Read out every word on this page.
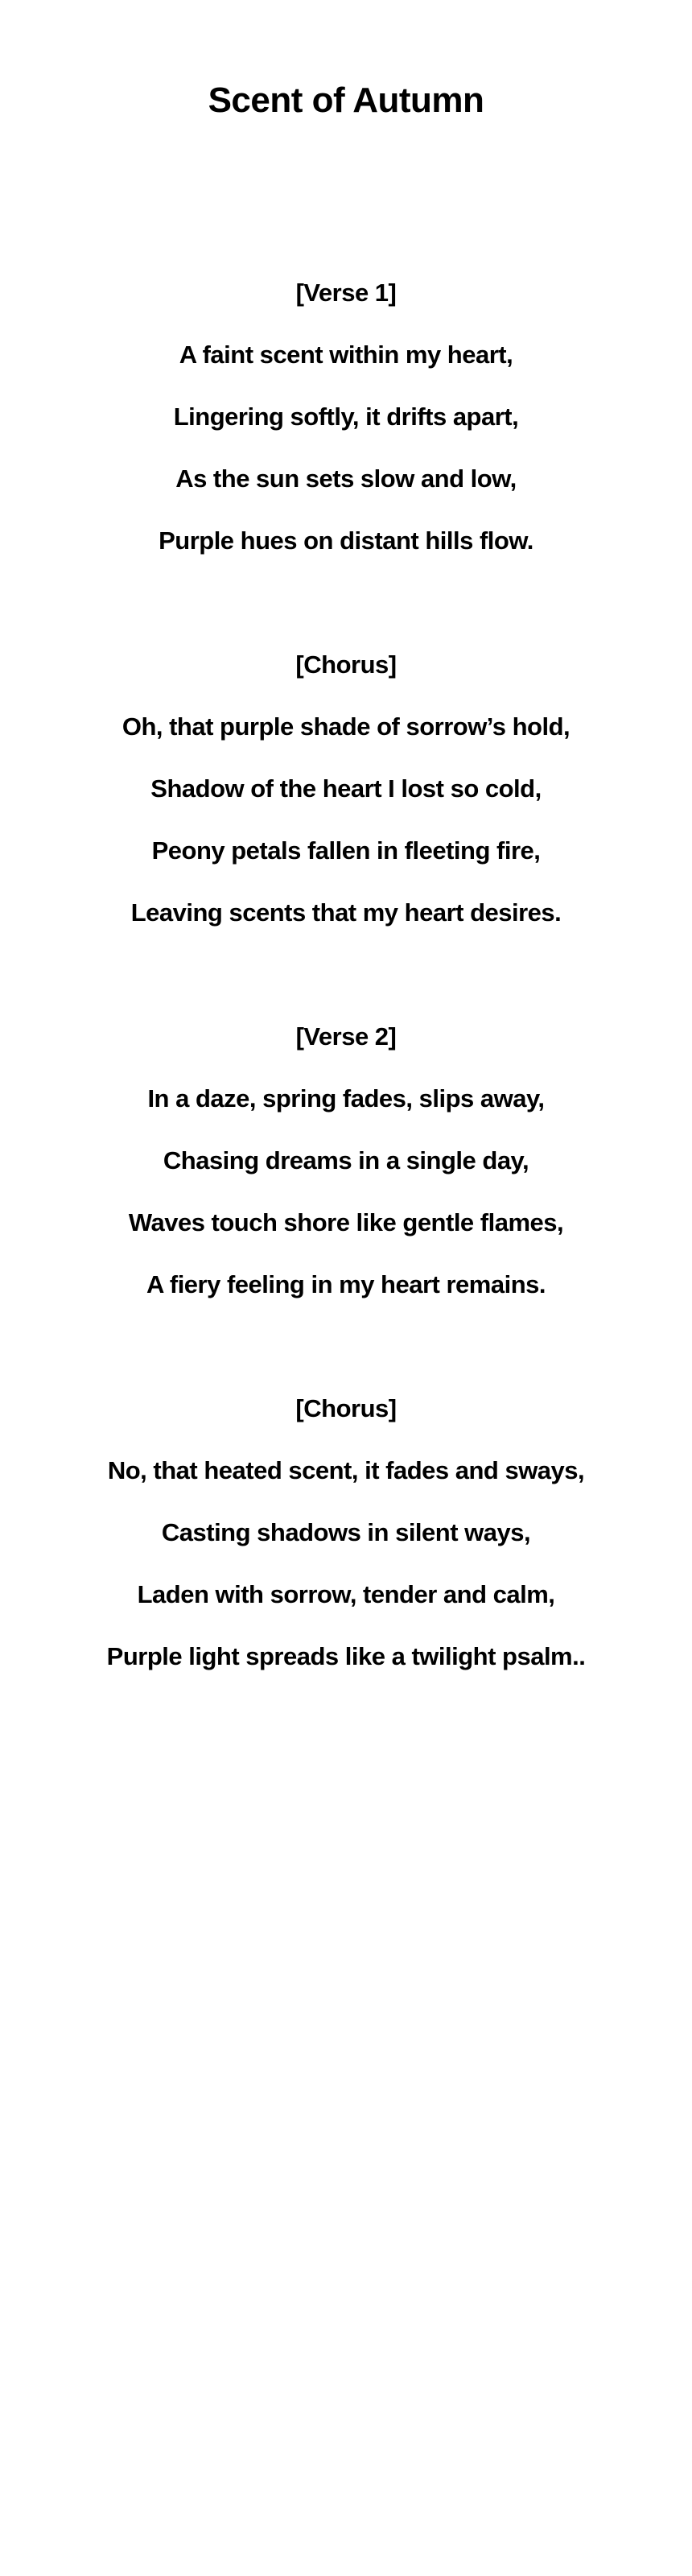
Scent of Autumn
[Verse 1]
A faint scent within my heart,
Lingering softly, it drifts apart,
As the sun sets slow and low,
Purple hues on distant hills flow.
[Chorus]
Oh, that purple shade of sorrow’s hold,
Shadow of the heart I lost so cold,
Peony petals fallen in fleeting fire,
Leaving scents that my heart desires.
[Verse 2]
In a daze, spring fades, slips away,
Chasing dreams in a single day,
Waves touch shore like gentle flames,
A fiery feeling in my heart remains.
[Chorus]
No, that heated scent, it fades and sways,
Casting shadows in silent ways,
Laden with sorrow, tender and calm,
Purple light spreads like a twilight psalm..
